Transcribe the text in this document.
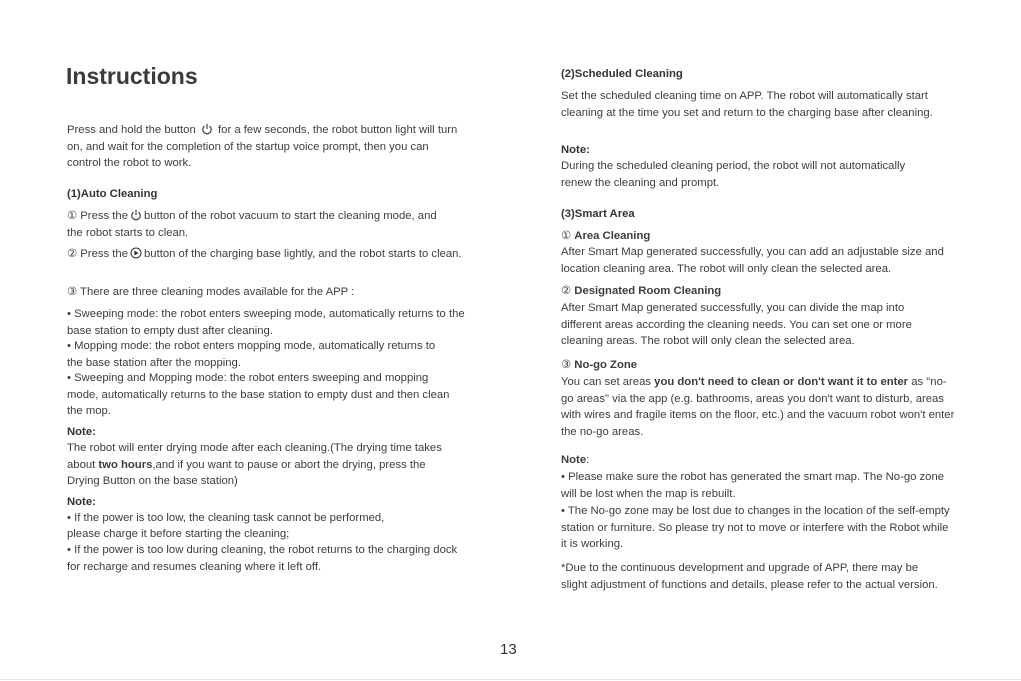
Instructions

Press and hold the button for a few seconds, the robot button light will turn on, and wait for the completion of the startup voice prompt, then you can control the robot to work.

(1)Auto Cleaning

① Press the button of the robot vacuum to start the cleaning mode, and the robot starts to clean.

② Press the button of the charging base lightly, and the robot starts to clean.

③ There are three cleaning modes available for the APP :

• Sweeping mode: the robot enters sweeping mode, automatically returns to the base station to empty dust after cleaning.

• Mopping mode: the robot enters mopping mode, automatically returns to the base station after the mopping.

• Sweeping and Mopping mode: the robot enters sweeping and mopping mode, automatically returns to the base station to empty dust and then clean the mop.

Note:

The robot will enter drying mode after each cleaning.(The drying time takes about two hours,and if you want to pause or abort the drying, press the Drying Button on the base station)

Note:

• If the power is too low, the cleaning task cannot be performed,

please charge it before starting the cleaning;

• If the power is too low during cleaning, the robot returns to the charging dock for recharge and resumes cleaning where it left off.

(2)Scheduled Cleaning

Set the scheduled cleaning time on APP. The robot will automatically start cleaning at the time you set and return to the charging base after cleaning.

Note:

During the scheduled cleaning period, the robot will not automatically renew the cleaning and prompt.

(3)Smart Area

① Area Cleaning

After Smart Map generated successfully, you can add an adjustable size and location cleaning area. The robot will only clean the selected area.

② Designated Room Cleaning

After Smart Map generated successfully, you can divide the map into different areas according the cleaning needs. You can set one or more cleaning areas. The robot will only clean the selected area.

③ No-go Zone

You can set areas you don't need to clean or don't want it to enter as "no-go areas" via the app (e.g. bathrooms, areas you don't want to disturb, areas with wires and fragile items on the floor, etc.) and the vacuum robot won't enter the no-go areas.

Note:

• Please make sure the robot has generated the smart map. The No-go zone will be lost when the map is rebuilt.

• The No-go zone may be lost due to changes in the location of the self-empty station or furniture. So please try not to move or interfere with the Robot while it is working.

*Due to the continuous development and upgrade of APP, there may be slight adjustment of functions and details, please refer to the actual version.

13
